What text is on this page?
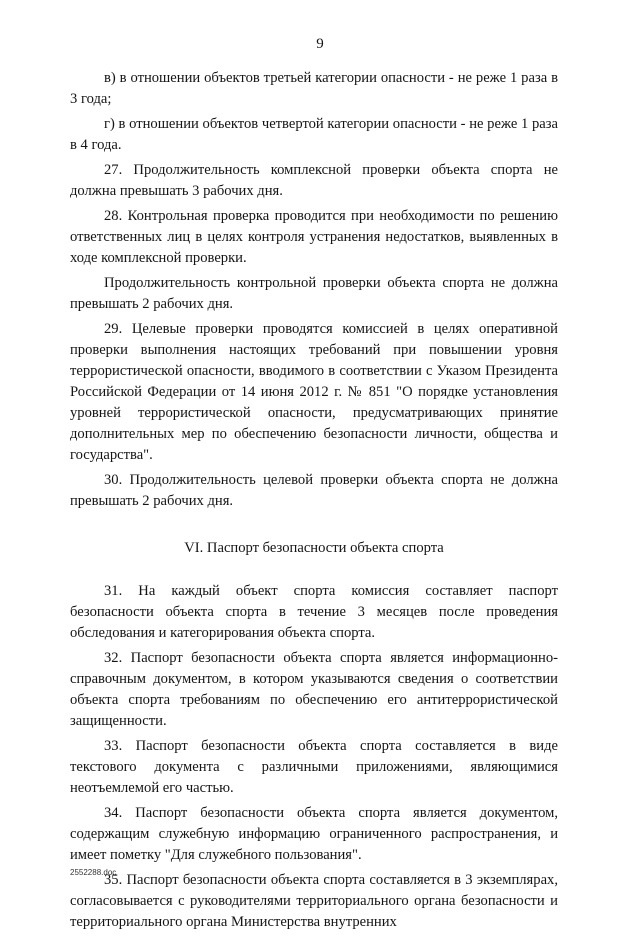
9

в) в отношении объектов третьей категории опасности - не реже 1 раза в 3 года;

г) в отношении объектов четвертой категории опасности - не реже 1 раза в 4 года.

27. Продолжительность комплексной проверки объекта спорта не должна превышать 3 рабочих дня.

28. Контрольная проверка проводится при необходимости по решению ответственных лиц в целях контроля устранения недостатков, выявленных в ходе комплексной проверки.

Продолжительность контрольной проверки объекта спорта не должна превышать 2 рабочих дня.

29. Целевые проверки проводятся комиссией в целях оперативной проверки выполнения настоящих требований при повышении уровня террористической опасности, вводимого в соответствии с Указом Президента Российской Федерации от 14 июня 2012 г. № 851 "О порядке установления уровней террористической опасности, предусматривающих принятие дополнительных мер по обеспечению безопасности личности, общества и государства".

30. Продолжительность целевой проверки объекта спорта не должна превышать 2 рабочих дня.

VI. Паспорт безопасности объекта спорта

31. На каждый объект спорта комиссия составляет паспорт безопасности объекта спорта в течение 3 месяцев после проведения обследования и категорирования объекта спорта.

32. Паспорт безопасности объекта спорта является информационно-справочным документом, в котором указываются сведения о соответствии объекта спорта требованиям по обеспечению его антитеррористической защищенности.

33. Паспорт безопасности объекта спорта составляется в виде текстового документа с различными приложениями, являющимися неотъемлемой его частью.

34. Паспорт безопасности объекта спорта является документом, содержащим служебную информацию ограниченного распространения, и имеет пометку "Для служебного пользования".

35. Паспорт безопасности объекта спорта составляется в 3 экземплярах, согласовывается с руководителями территориального органа безопасности и территориального органа Министерства внутренних

2552288.doc
